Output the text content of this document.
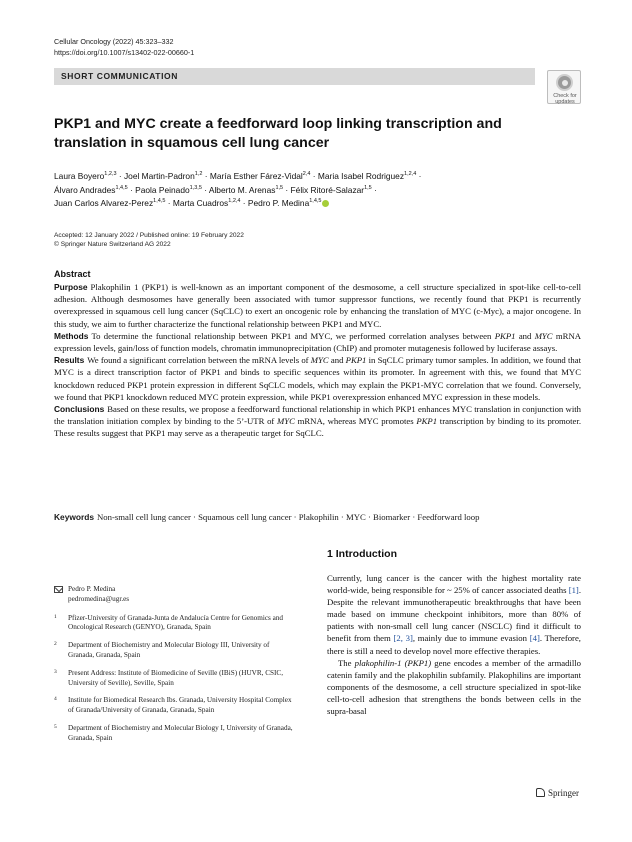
Cellular Oncology (2022) 45:323–332
https://doi.org/10.1007/s13402-022-00660-1
SHORT COMMUNICATION
Check for
updates
PKP1 and MYC create a feedforward loop linking transcription and translation in squamous cell lung cancer
Laura Boyero$^{1,2,3}$ · Joel Martin‑Padron$^{1,2}$ · María Esther Fárez‑Vidal$^{2,4}$ · Maria Isabel Rodriguez$^{1,2,4}$ ·
Álvaro Andrades$^{1,4,5}$ · Paola Peinado$^{1,3,5}$ · Alberto M. Arenas$^{1,5}$ · Félix Ritoré‑Salazar$^{1,5}$ ·
Juan Carlos Alvarez‑Perez$^{1,4,5}$ · Marta Cuadros$^{1,2,4}$ · Pedro P. Medina$^{1,4,5}$
Accepted: 12 January 2022 / Published online: 19 February 2022
© Springer Nature Switzerland AG 2022
Abstract

Purpose Plakophilin 1 (PKP1) is well-known as an important component of the desmosome, a cell structure specialized in spot-like cell-to-cell adhesion. Although desmosomes have generally been associated with tumor suppressor functions, we recently found that PKP1 is recurrently overexpressed in squamous cell lung cancer (SqCLC) to exert an oncogenic role by enhancing the translation of MYC (c-Myc), a major oncogene. In this study, we aim to further characterize the functional relationship between PKP1 and MYC.

Methods To determine the functional relationship between PKP1 and MYC, we performed correlation analyses between PKP1 and MYC mRNA expression levels, gain/loss of function models, chromatin immunoprecipitation (ChIP) and promoter mutagenesis followed by luciferase assays.

Results We found a significant correlation between the mRNA levels of MYC and PKP1 in SqCLC primary tumor samples. In addition, we found that MYC is a direct transcription factor of PKP1 and binds to specific sequences within its promoter. In agreement with this, we found that MYC knockdown reduced PKP1 protein expression in different SqCLC models, which may explain the PKP1-MYC correlation that we found. Conversely, we found that PKP1 knockdown reduced MYC protein expression, while PKP1 overexpression enhanced MYC expression in these models.

Conclusions Based on these results, we propose a feedforward functional relationship in which PKP1 enhances MYC translation in conjunction with the translation initiation complex by binding to the 5’-UTR of MYC mRNA, whereas MYC promotes PKP1 transcription by binding to its promoter. These results suggest that PKP1 may serve as a therapeutic target for SqCLC.

Keywords Non-small cell lung cancer · Squamous cell lung cancer · Plakophilin · MYC · Biomarker · Feedforward loop
1 Introduction

Currently, lung cancer is the cancer with the highest mortality rate world-wide, being responsible for ~ 25% of cancer associated deaths [1]. Despite the relevant immunotherapeutic breakthroughs that have been made based on immune checkpoint inhibitors, more than 80% of patients with non-small cell lung cancer (NSCLC) find it difficult to benefit from them [2, 3], mainly due to immune evasion [4]. Therefore, there is still a need to develop novel more effective therapies.

The plakophilin-1 (PKP1) gene encodes a member of the armadillo catenin family and the plakophilin subfamily. Plakophilins are important components of the desmosome, a cell structure specialized in spot-like cell-to-cell adhesion that strengthens the bonds between cells in the supra-basal

Pedro P. Medina
pedromedina@ugr.es
1 Pfizer-University of Granada-Junta de Andalucía Centre for Genomics and Oncological Research (GENYO), Granada, Spain
2 Department of Biochemistry and Molecular Biology III, University of Granada, Granada, Spain
3 Present Address: Institute of Biomedicine of Seville (IBiS) (HUVR, CSIC, University of Seville), Seville, Spain
4 Institute for Biomedical Research Ibs. Granada, University Hospital Complex of Granada/University of Granada, Granada, Spain
5 Department of Biochemistry and Molecular Biology I, University of Granada, Granada, Spain
Springer
